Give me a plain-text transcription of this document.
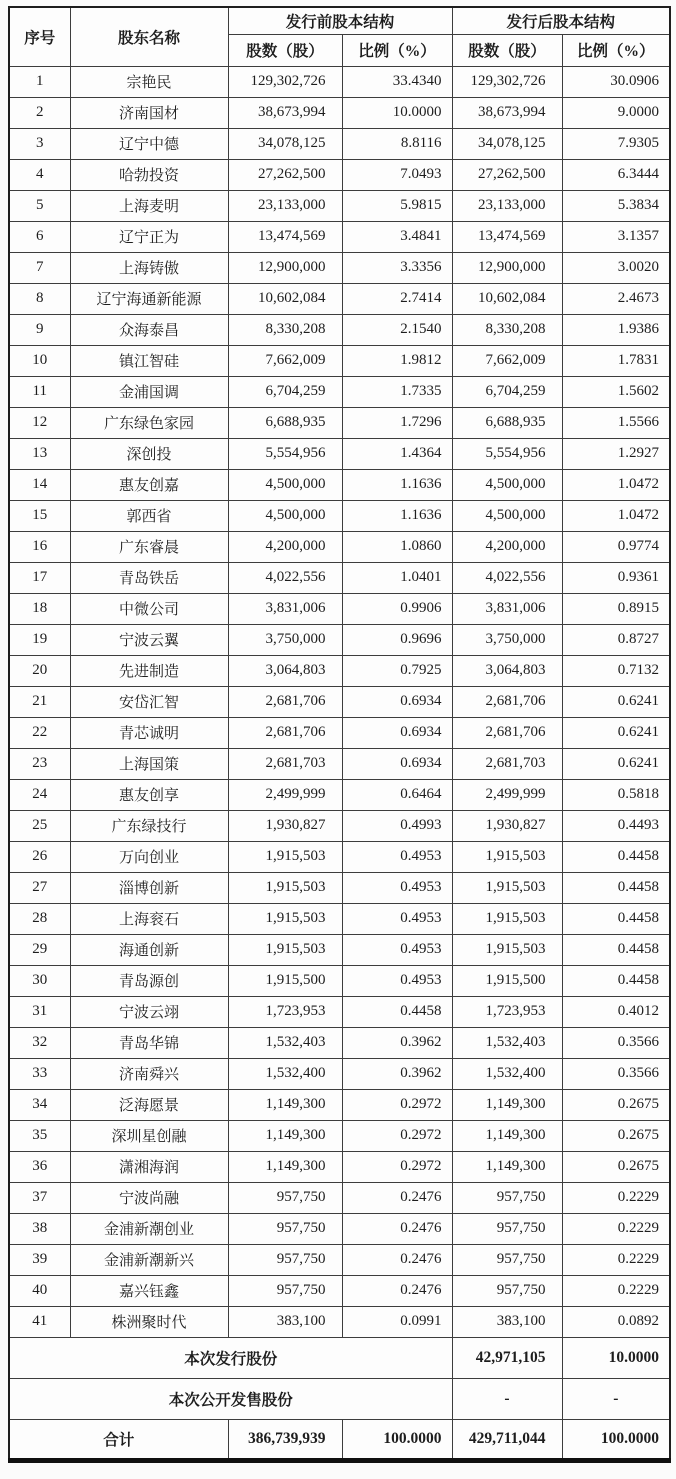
序号	股东名称	发行前股本结构		发行后股本结构	
		股数（股）	比例（%）	股数（股）	比例（%）
1	宗艳民	129,302,726	33.4340	129,302,726	30.0906
2	济南国材	38,673,994	10.0000	38,673,994	9.0000
3	辽宁中德	34,078,125	8.8116	34,078,125	7.9305
4	哈勃投资	27,262,500	7.0493	27,262,500	6.3444
5	上海麦明	23,133,000	5.9815	23,133,000	5.3834
6	辽宁正为	13,474,569	3.4841	13,474,569	3.1357
7	上海铸傲	12,900,000	3.3356	12,900,000	3.0020
8	辽宁海通新能源	10,602,084	2.7414	10,602,084	2.4673
9	众海泰昌	8,330,208	2.1540	8,330,208	1.9386
10	镇江智硅	7,662,009	1.9812	7,662,009	1.7831
11	金浦国调	6,704,259	1.7335	6,704,259	1.5602
12	广东绿色家园	6,688,935	1.7296	6,688,935	1.5566
13	深创投	5,554,956	1.4364	5,554,956	1.2927
14	惠友创嘉	4,500,000	1.1636	4,500,000	1.0472
15	郭西省	4,500,000	1.1636	4,500,000	1.0472
16	广东睿晨	4,200,000	1.0860	4,200,000	0.9774
17	青岛铁岳	4,022,556	1.0401	4,022,556	0.9361
18	中微公司	3,831,006	0.9906	3,831,006	0.8915
19	宁波云翼	3,750,000	0.9696	3,750,000	0.8727
20	先进制造	3,064,803	0.7925	3,064,803	0.7132
21	安岱汇智	2,681,706	0.6934	2,681,706	0.6241
22	青芯诚明	2,681,706	0.6934	2,681,706	0.6241
23	上海国策	2,681,703	0.6934	2,681,703	0.6241
24	惠友创享	2,499,999	0.6464	2,499,999	0.5818
25	广东绿技行	1,930,827	0.4993	1,930,827	0.4493
26	万向创业	1,915,503	0.4953	1,915,503	0.4458
27	淄博创新	1,915,503	0.4953	1,915,503	0.4458
28	上海衮石	1,915,503	0.4953	1,915,503	0.4458
29	海通创新	1,915,503	0.4953	1,915,503	0.4458
30	青岛源创	1,915,500	0.4953	1,915,500	0.4458
31	宁波云翊	1,723,953	0.4458	1,723,953	0.4012
32	青岛华锦	1,532,403	0.3962	1,532,403	0.3566
33	济南舜兴	1,532,400	0.3962	1,532,400	0.3566
34	泛海愿景	1,149,300	0.2972	1,149,300	0.2675
35	深圳星创融	1,149,300	0.2972	1,149,300	0.2675
36	潇湘海润	1,149,300	0.2972	1,149,300	0.2675
37	宁波尚融	957,750	0.2476	957,750	0.2229
38	金浦新潮创业	957,750	0.2476	957,750	0.2229
39	金浦新潮新兴	957,750	0.2476	957,750	0.2229
40	嘉兴钰鑫	957,750	0.2476	957,750	0.2229
41	株洲聚时代	383,100	0.0991	383,100	0.0892
本次发行股份				42,971,105	10.0000
本次公开发售股份				-	-
合计		386,739,939	100.0000	429,711,044	100.0000
